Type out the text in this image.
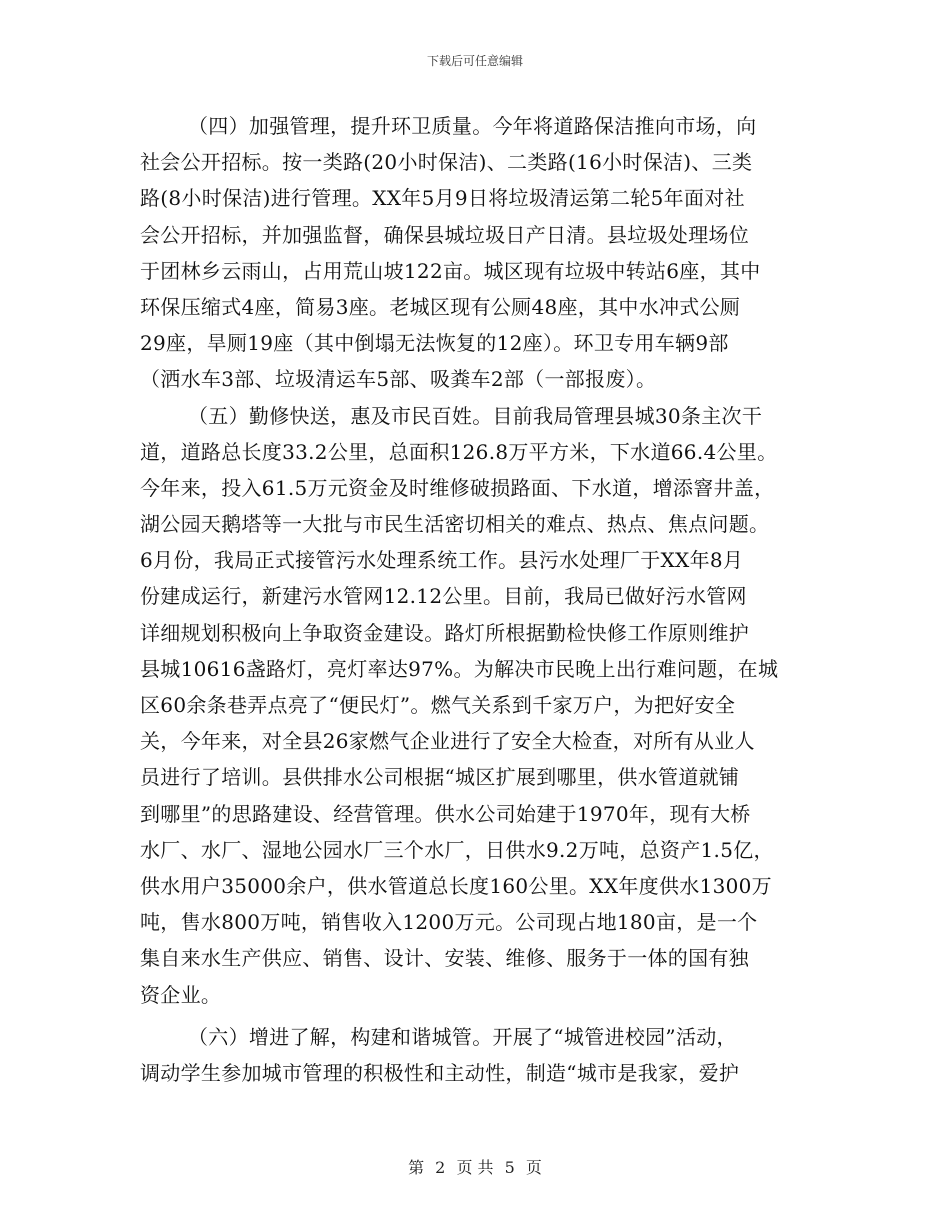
下载后可任意编辑
（四）加强管理，提升环卫质量。今年将道路保洁推向市场，向
社会公开招标。按一类路(20小时保洁)、二类路(16小时保洁)、三类
路(8小时保洁)进行管理。XX年5月9日将垃圾清运第二轮5年面对社
会公开招标，并加强监督，确保县城垃圾日产日清。县垃圾处理场位
于团林乡云雨山，占用荒山坡122亩。城区现有垃圾中转站6座，其中
环保压缩式4座，简易3座。老城区现有公厕48座，其中水冲式公厕
29座，旱厕19座（其中倒塌无法恢复的12座）。环卫专用车辆9部
（洒水车3部、垃圾清运车5部、吸粪车2部（一部报废）。
（五）勤修快送，惠及市民百姓。目前我局管理县城30条主次干
道，道路总长度33.2公里，总面积126.8万平方米，下水道66.4公里。
今年来，投入61.5万元资金及时维修破损路面、下水道，增添窨井盖，
湖公园天鹅塔等一大批与市民生活密切相关的难点、热点、焦点问题。
6月份，我局正式接管污水处理系统工作。县污水处理厂于XX年8月
份建成运行，新建污水管网12.12公里。目前，我局已做好污水管网
详细规划积极向上争取资金建设。路灯所根据勤检快修工作原则维护
县城10616盏路灯，亮灯率达97%。为解决市民晚上出行难问题，在城
区60余条巷弄点亮了“便民灯”。燃气关系到千家万户，为把好安全
关，今年来，对全县26家燃气企业进行了安全大检查，对所有从业人
员进行了培训。县供排水公司根据“城区扩展到哪里，供水管道就铺
到哪里”的思路建设、经营管理。供水公司始建于1970年，现有大桥
水厂、水厂、湿地公园水厂三个水厂，日供水9.2万吨，总资产1.5亿，
供水用户35000余户，供水管道总长度160公里。XX年度供水1300万
吨，售水800万吨，销售收入1200万元。公司现占地180亩，是一个
集自来水生产供应、销售、设计、安装、维修、服务于一体的国有独
资企业。
（六）增进了解，构建和谐城管。开展了“城管进校园”活动，
调动学生参加城市管理的积极性和主动性，制造“城市是我家，爱护
第 2 页 共 5 页
